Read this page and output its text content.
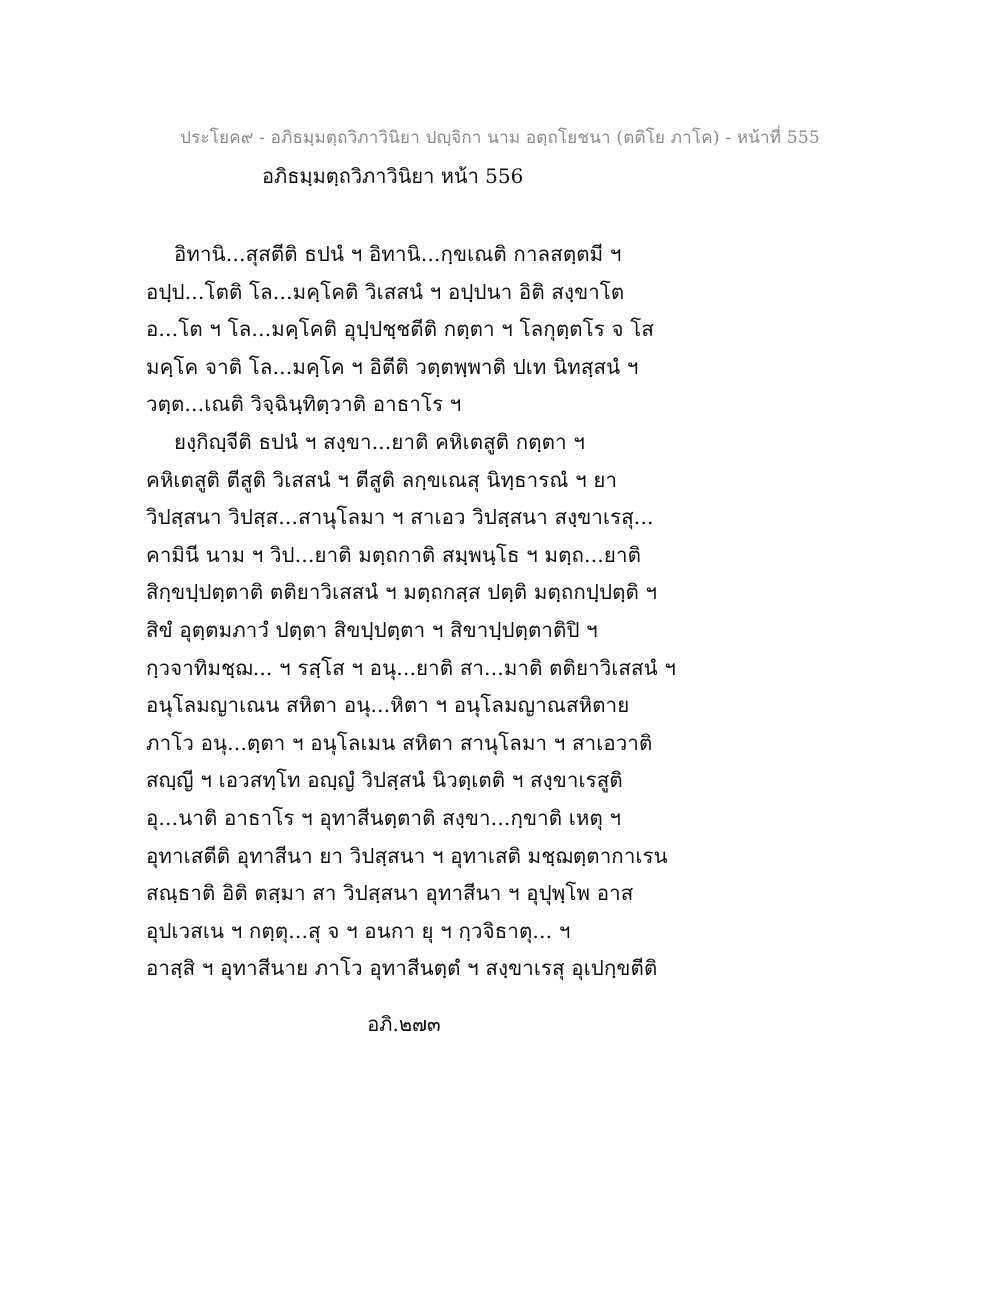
ประโยค๙ - อภิธมฺมตฺถวิภาวินิยา ปญฺจิกา นาม อตฺถโยชนา (ตติโย ภาโค) - หน้าที่ 555
อภิธมฺมตฺถวิภาวินิยา หน้า 556
อิทานิ...สุสตีติ ธปนํ ฯ อิทานิ...กฺขเณติ กาลสตฺตมี ฯ
อปฺป...โตติ โล...มคฺโคติ วิเสสนํ ฯ อปฺปนา อิติ สงฺขาโต
อ...โต ฯ โล...มคฺโคติ อุปฺปชฺชตีติ กตฺตา ฯ โลกุตฺตโร จ โส
มคฺโค จาติ โล...มคฺโค ฯ อิตีติ วตฺตพฺพาติ ปเท นิทสฺสนํ ฯ
วตฺต...เณติ วิจฺฉินฺทิตฺวาติ อาธาโร ฯ
ยงฺกิญฺจีติ ธปนํ ฯ สงฺขา...ยาติ คหิเตสูติ กตฺตา ฯ
คหิเตสูติ ตีสูติ วิเสสนํ ฯ ตีสูติ ลกฺขเณสุ นิทฺธารณํ ฯ ยา
วิปสฺสนา วิปสฺส...สานุโลมา ฯ สาเอว วิปสฺสนา สงฺขาเรสุ...
คามินี นาม ฯ วิป...ยาติ มตฺถกาติ สมฺพนฺโธ ฯ มตฺถ...ยาติ
สิกฺขปฺปตฺตาติ ตติยาวิเสสนํ ฯ มตฺถกสฺส ปตฺติ มตฺถกปฺปตฺติ ฯ
สิขํ อุตฺตมภาวํ ปตฺตา สิขปฺปตฺตา ฯ สิขาปฺปตฺตาติปิ ฯ
กฺวจาทิมชฺฌ... ฯ รสฺโส ฯ อนุ...ยาติ สา...มาติ ตติยาวิเสสนํ ฯ
อนุโลมญาเณน สหิตา อนุ...หิตา ฯ อนุโลมญาณสหิตาย
ภาโว อนุ...ตฺตา ฯ อนุโลเมน สหิตา สานุโลมา ฯ สาเอวาติ
สญฺญี ฯ เอวสทฺโท อญฺญํ วิปสฺสนํ นิวตฺเตติ ฯ สงฺขาเรสูติ
อุ...นาติ อาธาโร ฯ อุทาสีนตฺตาติ สงฺขา...กฺขาติ เหตุ ฯ
อุทาเสตีติ อุทาสีนา ยา วิปสฺสนา ฯ อุทาเสติ มชฺฌตฺตากาเรน
สณฺธาติ อิติ ตสฺมา สา วิปสฺสนา อุทาสีนา ฯ อุปุพฺโพ อาส
อุปเวสเน ฯ กตฺตุ...สุ จ ฯ อนกา ยุ ฯ กฺวจิธาตุ... ฯ
อาสฺสิ ฯ อุทาสีนาย ภาโว อุทาสีนตฺตํ ฯ สงฺขาเรสุ อุเปกฺขตีติ
อภิ.๒๗๓
